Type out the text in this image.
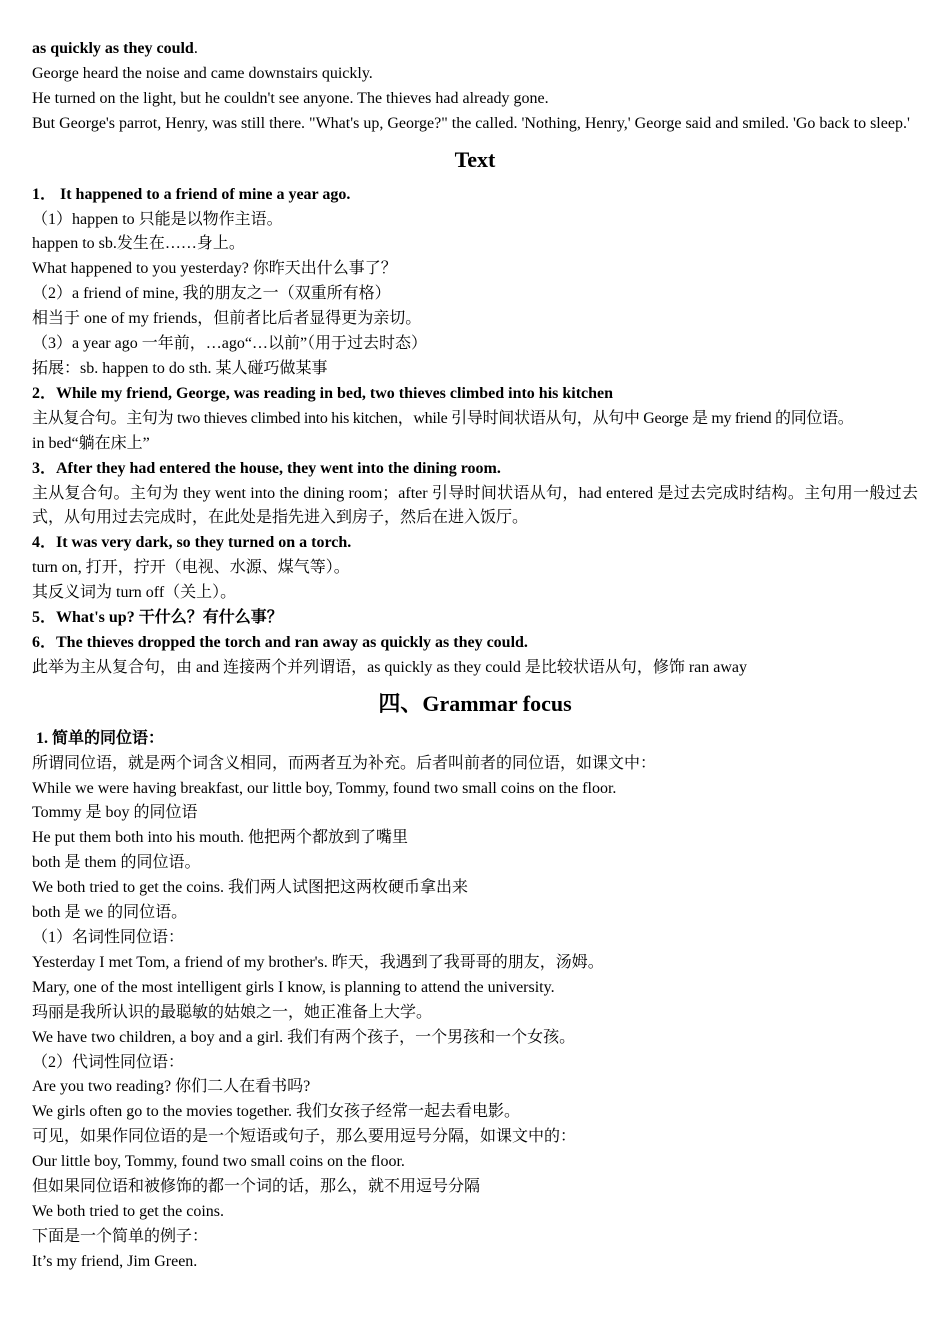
as quickly as they could.
George heard the noise and came downstairs quickly.
He turned on the light, but he couldn't see anyone. The thieves had already gone.
But George's parrot, Henry, was still there. "What's up, George?" the called. 'Nothing, Henry,' George said and smiled. 'Go back to sleep.'
Text
1． It happened to a friend of mine a year ago.
（1）happen to 只能是以物作主语。
happen to sb.发生在……身上。
What happened to you yesterday? 你昨天出什么事了？
（2）a friend of mine, 我的朋友之一（双重所有格）
相当于 one of my friends，但前者比后者显得更为亲切。
（3）a year ago 一年前，…ago“…以前”（用于过去时态）
拓展：sb. happen to do sth. 某人碰巧做某事
2．While my friend, George, was reading in bed, two thieves climbed into his kitchen
主从复合句。主句为 two thieves climbed into his kitchen，while 引导时间状语从句，从句中 George 是 my friend 的同位语。
in bed“躺在床上”
3．After they had entered the house, they went into the dining room.
主从复合句。主句为 they went into the dining room；after 引导时间状语从句，had entered 是过去完成时结构。主句用一般过去式，从句用过去完成时，在此处是指先进入到房子，然后在进入饭厅。
4．It was very dark, so they turned on a torch.
turn on, 打开，拧开（电视、水源、煤气等）。
其反义词为 turn off（关上）。
5．What's up? 干什么？有什么事？
6．The thieves dropped the torch and ran away as quickly as they could.
此举为主从复合句，由 and 连接两个并列谓语，as quickly as they could 是比较状语从句，修饰 ran away
四、Grammar focus
1. 简单的同位语：
所谓同位语，就是两个词含义相同，而两者互为补充。后者叫前者的同位语，如课文中：
While we were having breakfast, our little boy, Tommy, found two small coins on the floor.
Tommy 是 boy 的同位语
He put them both into his mouth. 他把两个都放到了嘴里
both 是 them 的同位语。
We both tried to get the coins. 我们两人试图把这两枚硬币拿出来
both 是 we 的同位语。
（1）名词性同位语：
Yesterday I met Tom, a friend of my brother's. 昨天，我遇到了我哥哥的朋友，汤姆。
Mary, one of the most intelligent girls I know, is planning to attend the university.
玛丽是我所认识的最聪敏的姑娘之一，她正准备上大学。
We have two children, a boy and a girl. 我们有两个孩子，一个男孩和一个女孩。
（2）代词性同位语：
Are you two reading? 你们二人在看书吗?
We girls often go to the movies together. 我们女孩子经常一起去看电影。
可见，如果作同位语的是一个短语或句子，那么要用逗号分隔，如课文中的：
Our little boy, Tommy, found two small coins on the floor.
但如果同位语和被修饰的都一个词的话，那么，就不用逗号分隔
We both tried to get the coins.
下面是一个简单的例子：
It’s my friend, Jim Green.
